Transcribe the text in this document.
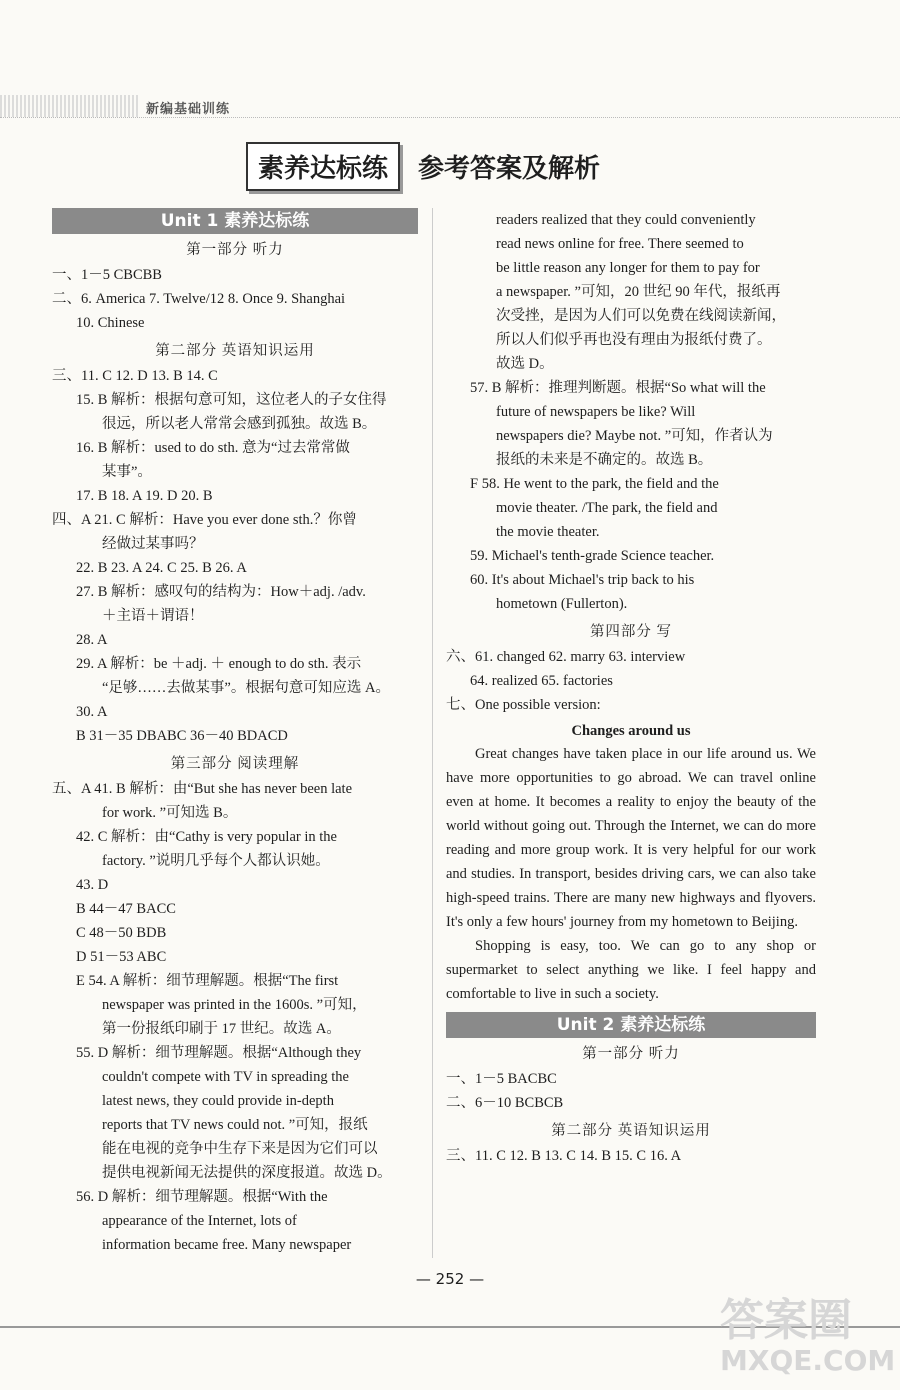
新编基础训练
素养达标练	参考答案及解析
Unit 1 素养达标练
第一部分 听力
一、1－5 CBCBB
二、6. America 7. Twelve/12 8. Once 9. Shanghai
10. Chinese
第二部分 英语知识运用
三、11. C 12. D 13. B 14. C
15. B 解析：根据句意可知，这位老人的子女住得
很远，所以老人常常会感到孤独。故选 B。
16. B 解析：used to do sth. 意为“过去常常做
某事”。
17. B 18. A 19. D 20. B
四、A 21. C 解析：Have you ever done sth.？你曾
经做过某事吗？
22. B 23. A 24. C 25. B 26. A
27. B 解析：感叹句的结构为：How＋adj. /adv.
＋主语＋谓语！
28. A
29. A 解析：be ＋adj. ＋ enough to do sth. 表示
“足够……去做某事”。根据句意可知应选 A。
30. A
B 31－35 DBABC 36－40 BDACD
第三部分 阅读理解
五、A 41. B 解析：由“But she has never been late
for work. ”可知选 B。
42. C 解析：由“Cathy is very popular in the
factory. ”说明几乎每个人都认识她。
43. D
B 44－47 BACC
C 48－50 BDB
D 51－53 ABC
E 54. A 解析：细节理解题。根据“The first
newspaper was printed in the 1600s. ”可知，
第一份报纸印刷于 17 世纪。故选 A。
55. D 解析：细节理解题。根据“Although they
couldn't compete with TV in spreading the
latest news, they could provide in-depth
reports that TV news could not. ”可知，报纸
能在电视的竞争中生存下来是因为它们可以
提供电视新闻无法提供的深度报道。故选 D。
56. D 解析：细节理解题。根据“With the
appearance of the Internet, lots of
information became free. Many newspaper
readers realized that they could conveniently
read news online for free. There seemed to
be little reason any longer for them to pay for
a newspaper. ”可知，20 世纪 90 年代，报纸再
次受挫，是因为人们可以免费在线阅读新闻，
所以人们似乎再也没有理由为报纸付费了。
故选 D。
57. B 解析：推理判断题。根据“So what will the
future of newspapers be like? Will
newspapers die? Maybe not. ”可知，作者认为
报纸的未来是不确定的。故选 B。
F 58. He went to the park, the field and the
movie theater. /The park, the field and
the movie theater.
59. Michael's tenth-grade Science teacher.
60. It's about Michael's trip back to his
hometown (Fullerton).
第四部分 写
六、61. changed 62. marry 63. interview
64. realized 65. factories
七、One possible version:
Changes around us

Great changes have taken place in our life around us. We have more opportunities to go abroad. We can travel online even at home. It becomes a reality to enjoy the beauty of the world without going out. Through the Internet, we can do more reading and more group work. It is very helpful for our work and studies. In transport, besides driving cars, we can also take high-speed trains. There are many new highways and flyovers. It's only a few hours' journey from my hometown to Beijing.

Shopping is easy, too. We can go to any shop or supermarket to select anything we like. I feel happy and comfortable to live in such a society.

Unit 2 素养达标练
第一部分 听力
一、1－5 BACBC
二、6－10 BCBCB
第二部分 英语知识运用
三、11. C 12. B 13. C 14. B 15. C 16. A
— 252 —
答案圈
MXQE.COM
